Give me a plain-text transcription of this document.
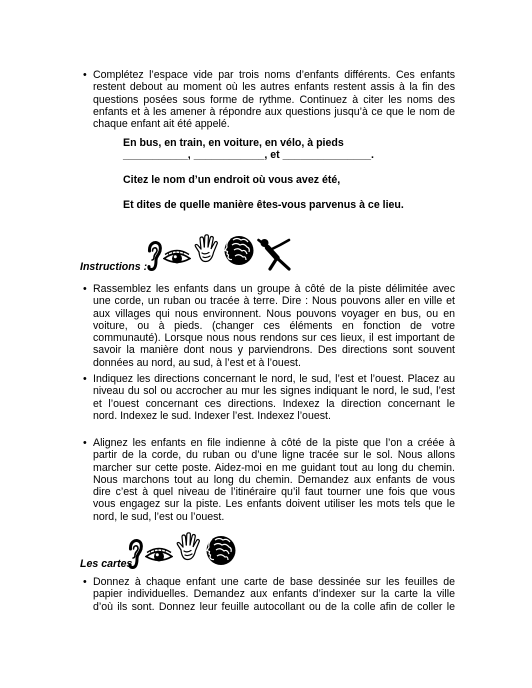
• Complétez l’espace vide par trois noms d’enfants différents. Ces enfants
restent debout au moment où les autres enfants restent assis à la fin des
questions posées sous forme de rythme. Continuez à citer les noms des
enfants et à les amener à répondre aux questions jusqu’à ce que le nom de
chaque enfant ait été appelé.
En bus, en train, en voiture, en vélo, à pieds
___________, ____________, et _______________.
Citez le nom d’un endroit où vous avez été,
Et dites de quelle manière êtes-vous parvenus à ce lieu.
Instructions :
• Rassemblez les enfants dans un groupe à côté de la piste délimitée avec
une corde, un ruban ou tracée à terre. Dire : Nous pouvons aller en ville et
aux villages qui nous environnent. Nous pouvons voyager en bus, ou en
voiture, ou à pieds. (changer ces éléments en fonction de votre
communauté). Lorsque nous nous rendons sur ces lieux, il est important de
savoir la manière dont nous y parviendrons. Des directions sont souvent
données au nord, au sud, à l’est et à l’ouest.
• Indiquez les directions concernant le nord, le sud, l’est et l’ouest. Placez au
niveau du sol ou accrocher au mur les signes indiquant le nord, le sud, l’est
et l’ouest concernant ces directions. Indexez la direction concernant le
nord. Indexez le sud. Indexer l’est. Indexez l’ouest.
• Alignez les enfants en file indienne à côté de la piste que l’on a créée à
partir de la corde, du ruban ou d’une ligne tracée sur le sol. Nous allons
marcher sur cette poste. Aidez-moi en me guidant tout au long du chemin.
Nous marchons tout au long du chemin. Demandez aux enfants de vous
dire c’est à quel niveau de l’itinéraire qu’il faut tourner une fois que vous
vous engagez sur la piste. Les enfants doivent utiliser les mots tels que le
nord, le sud, l’est ou l’ouest.
Les cartes
• Donnez à chaque enfant une carte de base dessinée sur les feuilles de
papier individuelles. Demandez aux enfants d’indexer sur la carte la ville
d’où ils sont. Donnez leur feuille autocollant ou de la colle afin de coller le
